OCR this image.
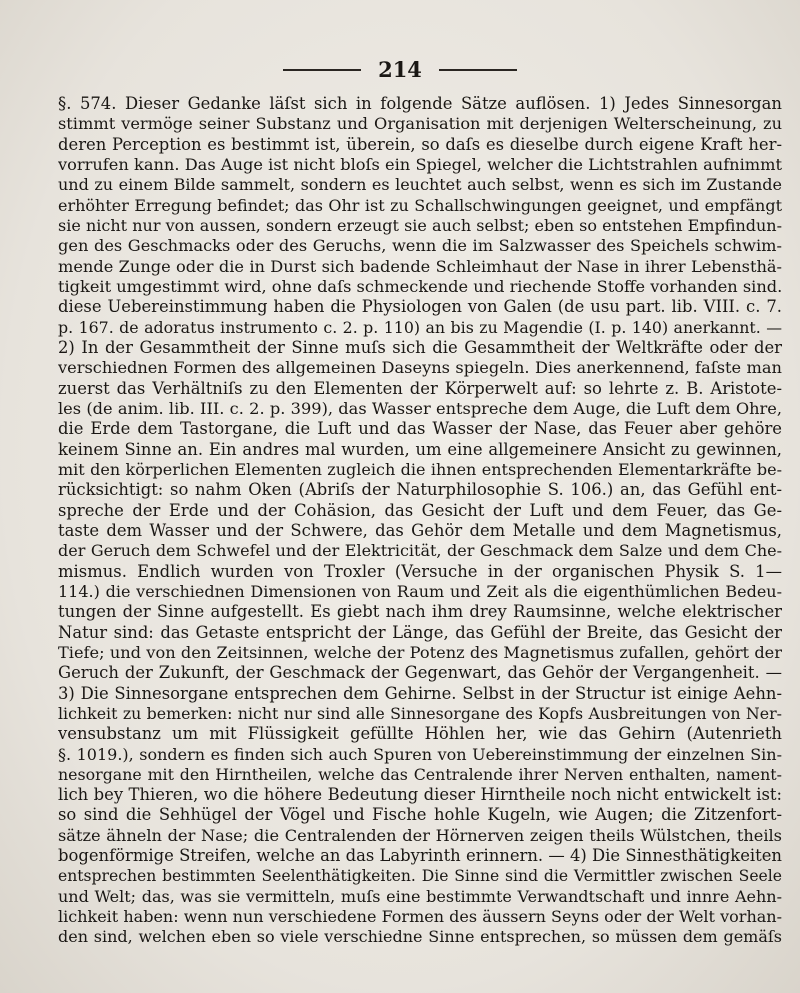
214
§. 574. Dieser Gedanke läſst sich in folgende Sätze auflösen. 1) Jedes Sinnesorgan
stimmt vermöge seiner Substanz und Organisation mit derjenigen Welterscheinung, zu
deren Perception es bestimmt ist, überein, so daſs es dieselbe durch eigene Kraft her-
vorrufen kann. Das Auge ist nicht bloſs ein Spiegel, welcher die Lichtstrahlen aufnimmt
und zu einem Bilde sammelt, sondern es leuchtet auch selbst, wenn es sich im Zustande
erhöhter Erregung befindet; das Ohr ist zu Schallschwingungen geeignet, und empfängt
sie nicht nur von aussen, sondern erzeugt sie auch selbst; eben so entstehen Empfindun-
gen des Geschmacks oder des Geruchs, wenn die im Salzwasser des Speichels schwim-
mende Zunge oder die in Durst sich badende Schleimhaut der Nase in ihrer Lebensthä-
tigkeit umgestimmt wird, ohne daſs schmeckende und riechende Stoffe vorhanden sind.
diese Uebereinstimmung haben die Physiologen von Galen (de usu part. lib. VIII. c. 7.
p. 167. de adoratus instrumento c. 2. p. 110) an bis zu Magendie (I. p. 140) anerkannt. —
2) In der Gesammtheit der Sinne muſs sich die Gesammtheit der Weltkräfte oder der
verschiednen Formen des allgemeinen Daseyns spiegeln. Dies anerkennend, faſste man
zuerst das Verhältniſs zu den Elementen der Körperwelt auf: so lehrte z. B. Aristote-
les (de anim. lib. III. c. 2. p. 399), das Wasser entspreche dem Auge, die Luft dem Ohre,
die Erde dem Tastorgane, die Luft und das Wasser der Nase, das Feuer aber gehöre
keinem Sinne an. Ein andres mal wurden, um eine allgemeinere Ansicht zu gewinnen,
mit den körperlichen Elementen zugleich die ihnen entsprechenden Elementarkräfte be-
rücksichtigt: so nahm Oken (Abriſs der Naturphilosophie S. 106.) an, das Gefühl ent-
spreche der Erde und der Cohäsion, das Gesicht der Luft und dem Feuer, das Ge-
taste dem Wasser und der Schwere, das Gehör dem Metalle und dem Magnetismus,
der Geruch dem Schwefel und der Elektricität, der Geschmack dem Salze und dem Che-
mismus. Endlich wurden von Troxler (Versuche in der organischen Physik S. 1—
114.) die verschiednen Dimensionen von Raum und Zeit als die eigenthümlichen Bedeu-
tungen der Sinne aufgestellt. Es giebt nach ihm drey Raumsinne, welche elektrischer
Natur sind: das Getaste entspricht der Länge, das Gefühl der Breite, das Gesicht der
Tiefe; und von den Zeitsinnen, welche der Potenz des Magnetismus zufallen, gehört der
Geruch der Zukunft, der Geschmack der Gegenwart, das Gehör der Vergangenheit. —
3) Die Sinnesorgane entsprechen dem Gehirne. Selbst in der Structur ist einige Aehn-
lichkeit zu bemerken: nicht nur sind alle Sinnesorgane des Kopfs Ausbreitungen von Ner-
vensubstanz um mit Flüssigkeit gefüllte Höhlen her, wie das Gehirn (Autenrieth
§. 1019.), sondern es finden sich auch Spuren von Uebereinstimmung der einzelnen Sin-
nesorgane mit den Hirntheilen, welche das Centralende ihrer Nerven enthalten, nament-
lich bey Thieren, wo die höhere Bedeutung dieser Hirntheile noch nicht entwickelt ist:
so sind die Sehhügel der Vögel und Fische hohle Kugeln, wie Augen; die Zitzenfort-
sätze ähneln der Nase; die Centralenden der Hörnerven zeigen theils Wülstchen, theils
bogenförmige Streifen, welche an das Labyrinth erinnern. — 4) Die Sinnesthätigkeiten
entsprechen bestimmten Seelenthätigkeiten. Die Sinne sind die Vermittler zwischen Seele
und Welt; das, was sie vermitteln, muſs eine bestimmte Verwandtschaft und innre Aehn-
lichkeit haben: wenn nun verschiedene Formen des äussern Seyns oder der Welt vorhan-
den sind, welchen eben so viele verschiedne Sinne entsprechen, so müssen dem gemäſs
